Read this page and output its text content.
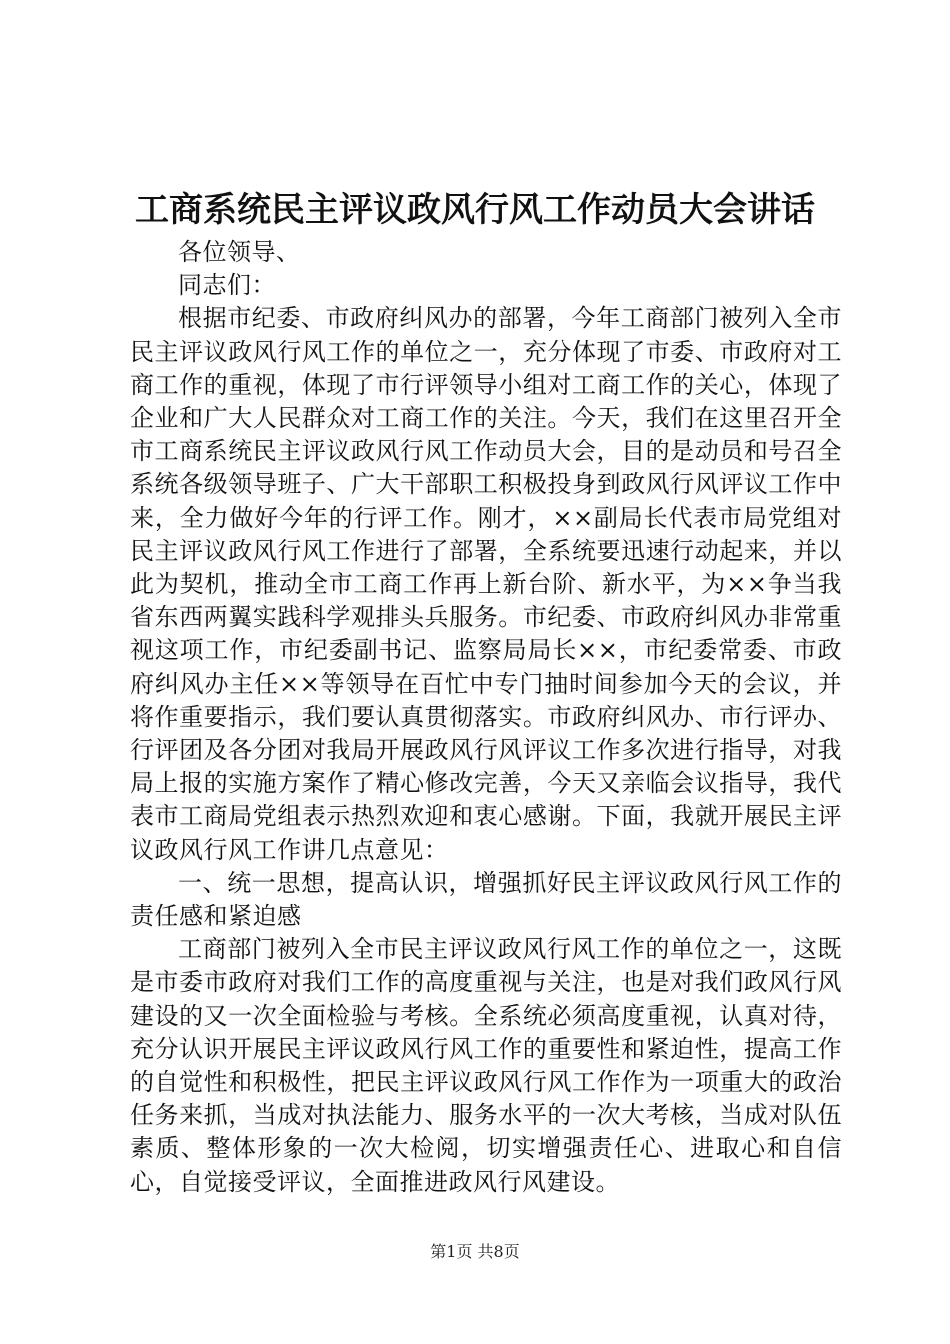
工商系统民主评议政风行风工作动员大会讲话

各位领导、

同志们：

根据市纪委、市政府纠风办的部署，今年工商部门被列入全市民主评议政风行风工作的单位之一，充分体现了市委、市政府对工商工作的重视，体现了市行评领导小组对工商工作的关心，体现了企业和广大人民群众对工商工作的关注。今天，我们在这里召开全市工商系统民主评议政风行风工作动员大会，目的是动员和号召全系统各级领导班子、广大干部职工积极投身到政风行风评议工作中来，全力做好今年的行评工作。刚才，××副局长代表市局党组对民主评议政风行风工作进行了部署，全系统要迅速行动起来，并以此为契机，推动全市工商工作再上新台阶、新水平，为××争当我省东西两翼实践科学观排头兵服务。市纪委、市政府纠风办非常重视这项工作，市纪委副书记、监察局局长××，市纪委常委、市政府纠风办主任××等领导在百忙中专门抽时间参加今天的会议，并将作重要指示，我们要认真贯彻落实。市政府纠风办、市行评办、行评团及各分团对我局开展政风行风评议工作多次进行指导，对我局上报的实施方案作了精心修改完善，今天又亲临会议指导，我代表市工商局党组表示热烈欢迎和衷心感谢。下面，我就开展民主评议政风行风工作讲几点意见：

一、统一思想，提高认识，增强抓好民主评议政风行风工作的责任感和紧迫感

工商部门被列入全市民主评议政风行风工作的单位之一，这既是市委市政府对我们工作的高度重视与关注，也是对我们政风行风建设的又一次全面检验与考核。全系统必须高度重视，认真对待，充分认识开展民主评议政风行风工作的重要性和紧迫性，提高工作的自觉性和积极性，把民主评议政风行风工作作为一项重大的政治任务来抓，当成对执法能力、服务水平的一次大考核，当成对队伍素质、整体形象的一次大检阅，切实增强责任心、进取心和自信心，自觉接受评议，全面推进政风行风建设。

第1页 共8页
